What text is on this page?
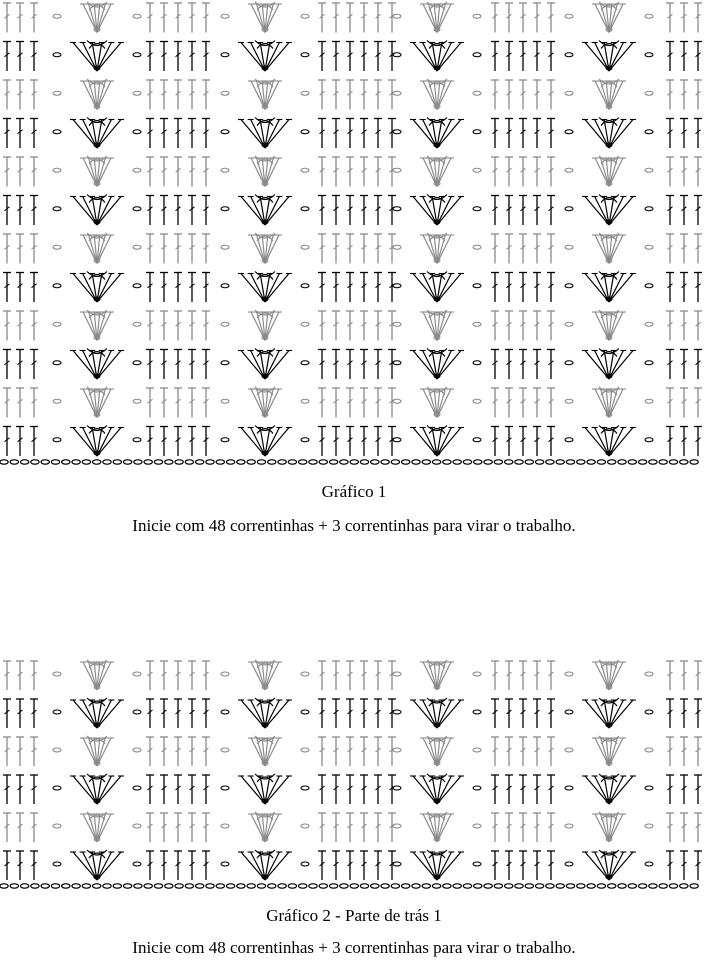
Gráfico 1
Inicie com 48 correntinhas + 3 correntinhas para virar o trabalho.
Gráfico 2 - Parte de trás 1
Inicie com 48 correntinhas + 3 correntinhas para virar o trabalho.
